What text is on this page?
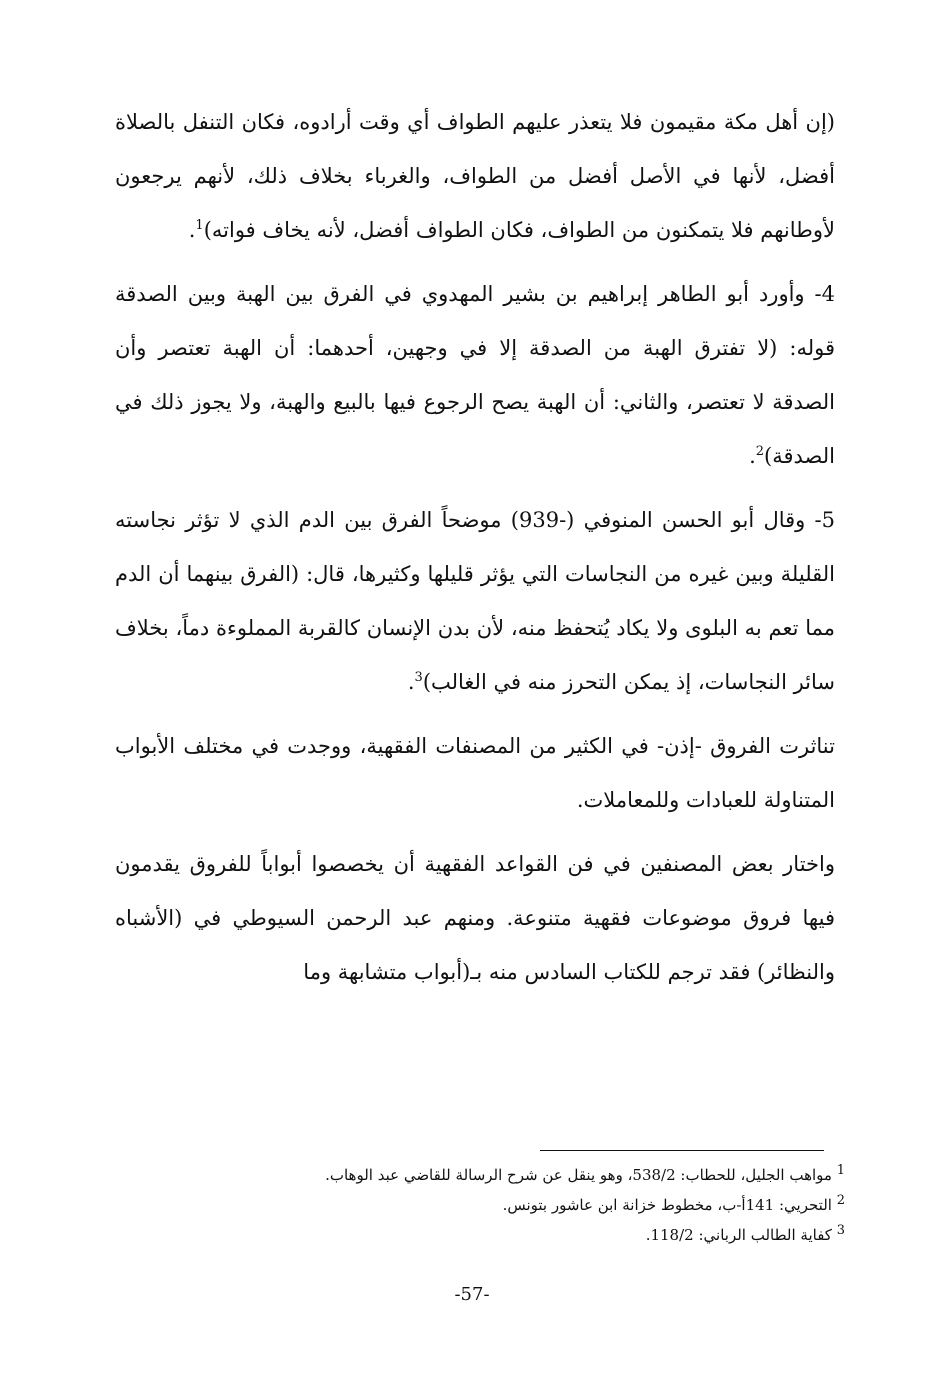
(إن أهل مكة مقيمون فلا يتعذر عليهم الطواف أي وقت أرادوه، فكان التنفل بالصلاة أفضل، لأنها في الأصل أفضل من الطواف، والغرباء بخلاف ذلك، لأنهم يرجعون لأوطانهم فلا يتمكنون من الطواف، فكان الطواف أفضل، لأنه يخاف فواته)$^1$.

4- وأورد أبو الطاهر إبراهيم بن بشير المهدوي في الفرق بين الهبة وبين الصدقة قوله: (لا تفترق الهبة من الصدقة إلا في وجهين، أحدهما: أن الهبة تعتصر وأن الصدقة لا تعتصر، والثاني: أن الهبة يصح الرجوع فيها بالبيع والهبة، ولا يجوز ذلك في الصدقة)$^2$.

5- وقال أبو الحسن المنوفي (-939) موضحاً الفرق بين الدم الذي لا تؤثر نجاسته القليلة وبين غيره من النجاسات التي يؤثر قليلها وكثيرها، قال: (الفرق بينهما أن الدم مما تعم به البلوى ولا يكاد يُتحفظ منه، لأن بدن الإنسان كالقربة المملوءة دماً، بخلاف سائر النجاسات، إذ يمكن التحرز منه في الغالب)$^3$.

تناثرت الفروق -إذن- في الكثير من المصنفات الفقهية، ووجدت في مختلف الأبواب المتناولة للعبادات وللمعاملات.

واختار بعض المصنفين في فن القواعد الفقهية أن يخصصوا أبواباً للفروق يقدمون فيها فروق موضوعات فقهية متنوعة. ومنهم عبد الرحمن السيوطي في (الأشباه والنظائر) فقد ترجم للكتاب السادس منه بـ(أبواب متشابهة وما

$^1$ مواهب الجليل، للحطاب: 538/2، وهو ينقل عن شرح الرسالة للقاضي عبد الوهاب.

$^2$ التحريي: 141أ-ب، مخطوط خزانة ابن عاشور بتونس.

$^3$ كفاية الطالب الرباني: 118/2.

-57-
